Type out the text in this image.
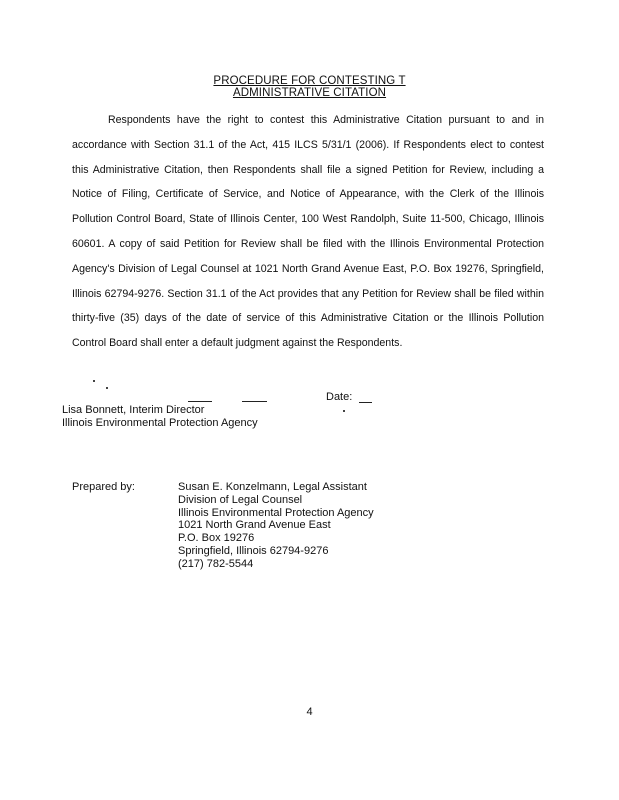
PROCEDURE FOR CONTESTING T
ADMINISTRATIVE CITATION
Respondents have the right to contest this Administrative Citation pursuant to and in accordance with Section 31.1 of the Act, 415 ILCS 5/31/1 (2006). If Respondents elect to contest this Administrative Citation, then Respondents shall file a signed Petition for Review, including a Notice of Filing, Certificate of Service, and Notice of Appearance, with the Clerk of the Illinois Pollution Control Board, State of Illinois Center, 100 West Randolph, Suite 11-500, Chicago, Illinois 60601. A copy of said Petition for Review shall be filed with the Illinois Environmental Protection Agency's Division of Legal Counsel at 1021 North Grand Avenue East, P.O. Box 19276, Springfield, Illinois 62794-9276. Section 31.1 of the Act provides that any Petition for Review shall be filed within thirty-five (35) days of the date of service of this Administrative Citation or the Illinois Pollution Control Board shall enter a default judgment against the Respondents.
Lisa Bonnett, Interim Director
Illinois Environmental Protection Agency
Date:
Prepared by:	Susan E. Konzelmann, Legal Assistant
Division of Legal Counsel
Illinois Environmental Protection Agency
1021 North Grand Avenue East
P.O. Box 19276
Springfield, Illinois 62794-9276
(217) 782-5544
4
